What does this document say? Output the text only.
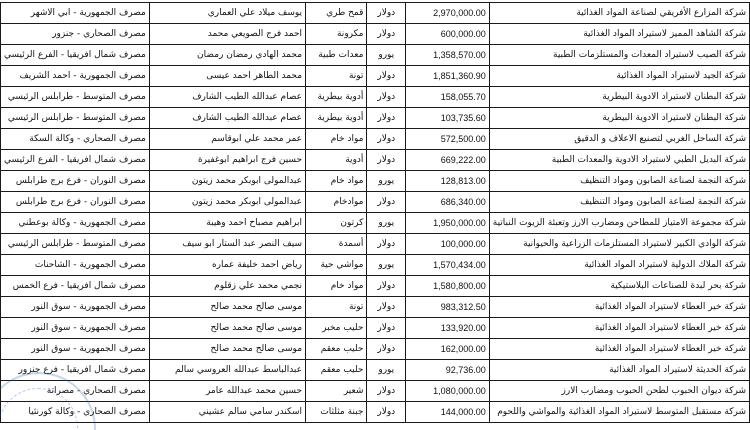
مصرف الجمهورية - ابي الاشهر	يوسف ميلاد علي العماري	قمح طري	دولار	2,970,000.00	شركة المزارع الأفريقي لصناعة المواد الغذائية
مصرف الصحاري - جنزور	احمد فرج الصويعي محمد	مكرونة	دولار	600,000.00	شركة الشاهد المميز لاستيراد المواد الغذائية
مصرف شمال افريقيا - الفرع الرئيسي	محمد الهادي رمضان رمضان	معدات طبية	يورو	1,358,570.00	شركة الصيب لاستيراد المعدات والمستلزمات الطبية
مصرف الجمهورية - احمد الشريف	محمد الطاهر احمد عيسى	تونة	دولار	1,851,360.90	شركة الجيد لاستيراد المواد الغذائية
مصرف المتوسط - طرابلس الرئيسي	عصام عبدالله الطيب الشارف	أدوية بيطرية	دولار	158,055.70	شركة البطنان لاستيراد الادوية البيطرية
مصرف المتوسط - طرابلس الرئيسي	عصام عبدالله الطيب الشارف	أدوية بيطرية	دولار	103,735.60	شركة البطنان لاستيراد الادوية البيطرية
مصرف الصحاري - وكالة السكة	عمر محمد علي ابوقاسم	مواد خام	دولار	572,500.00	شركة الساحل الغربي لتصنيع الاعلاف و الدقيق
مصرف شمال افريقيا - الفرع الرئيسي	حسين فرج ابراهيم ابوغفيرة	أدوية	دولار	669,222.00	شركة البديل الطبي لاستيراد الادوية والمعدات الطبية
مصرف النوران - فرع برج طرابلس	عبدالمولى ابوبكر محمد زيتون	مواد خام	يورو	128,813.00	شركة النجمة لصناعة الصابون ومواد التنظيف
مصرف النوران - فرع برج طرابلس	عبدالمولى ابوبكر محمد زيتون	موادخام	دولار	686,340.00	شركة النجمة لصناعة الصابون ومواد التنظيف
مصرف الجمهورية - وكالة بوعطني	ابراهيم مصباح احمد وهيبة	كرتون	يورو	1,950,000.00	شركة مجموعة الامتياز للمطاحن ومضارب الارز وتعبئة الزيوت النباتية
مصرف المتوسط - طرابلس الرئيسي	سيف النصر عبد الستار ابو سيف	أسمدة	دولار	100,000.00	شركة الوادي الكبير لاستيراد المستلزمات الزراعية والحيوانية
مصرف الجمهورية - الشاحنات	رياض احمد خليفة عماره	مواشي حية	يورو	1,570,434.00	شركة الملاك الدولية لاستيراد المواد الغذائية
مصرف شمال افريقيا - فرع الخمس	نجمي محمد علي زقلوم	مواد خام	دولار	1,580,800.00	شركة بحر لبدة للصناعات البلاستيكية
مصرف الجمهورية - سوق النور	موسى صالح محمد صالح	تونة	دولار	983,312.50	شركة خير العطاء لاستيراد المواد الغذائية
مصرف الجمهورية - سوق النور	موسى صالح محمد صالح	حليب مخبر	دولار	133,920.00	شركة خير العطاء لاستيراد المواد الغذائية
مصرف الجمهورية - سوق النور	موسى صالح محمد صالح	حليب معقم	دولار	162,000.00	شركة خير العطاء لاستيراد المواد الغذائية
مصرف شمال افريقيا - فرع جنزور	عبدالباسط عبدالله العروسي سالم	حليب معقم	يورو	92,736.00	شركة الحديثة لاستيراد المواد الغذائية
مصرف الصحاري - مصراتة	حسين محمد عبدالله عامر	شعير	دولار	1,080,000.00	شركة ديوان الحبوب لطحن الحبوب ومضارب الارز
مصرف الصحاري - وكالة كورنثيا	اسكندر سامي سالم عشيني	جبنة مثلثات	دولار	144,000.00	شركة مستقبل المتوسط لاستيراد المواد الغذائية والمواشي واللحوم
